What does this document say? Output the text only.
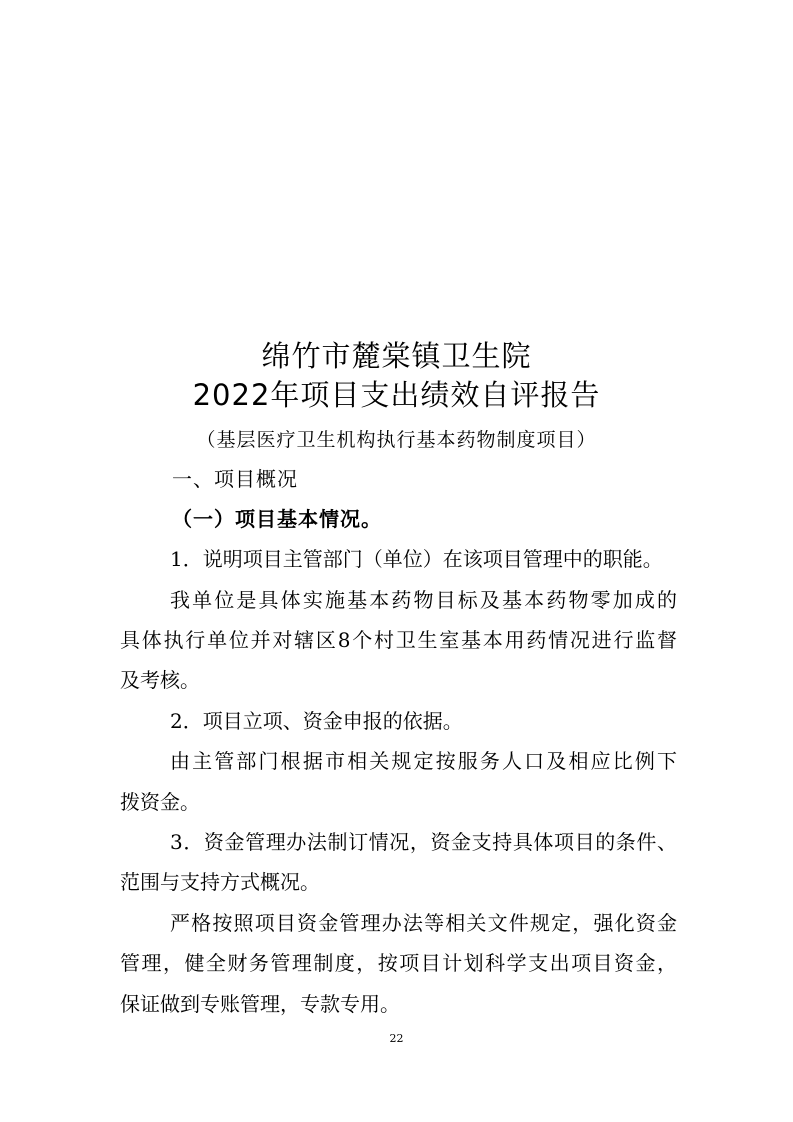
绵竹市麓棠镇卫生院
2022年项目支出绩效自评报告
（基层医疗卫生机构执行基本药物制度项目）
一、项目概况
（一）项目基本情况。
1．说明项目主管部门（单位）在该项目管理中的职能。
我单位是具体实施基本药物目标及基本药物零加成的
具体执行单位并对辖区8个村卫生室基本用药情况进行监督
及考核。
2．项目立项、资金申报的依据。
由主管部门根据市相关规定按服务人口及相应比例下
拨资金。
3．资金管理办法制订情况，资金支持具体项目的条件、
范围与支持方式概况。
严格按照项目资金管理办法等相关文件规定，强化资金
管理，健全财务管理制度，按项目计划科学支出项目资金，
保证做到专账管理，专款专用。
22
